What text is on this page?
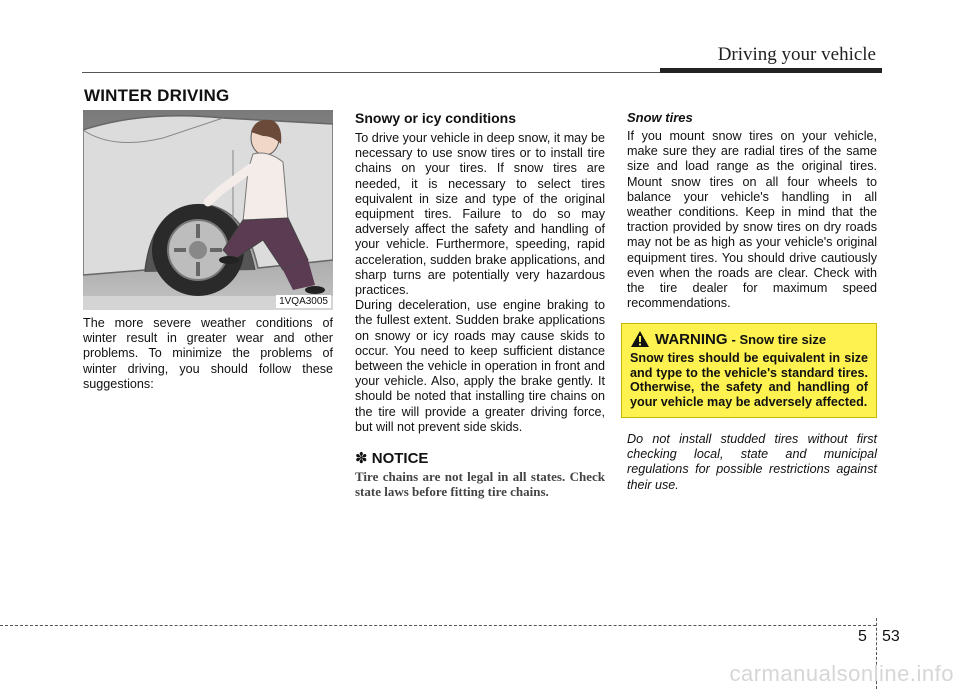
Driving your vehicle
WINTER DRIVING
1VQA3005

The more severe weather conditions of winter result in greater wear and other problems. To minimize the problems of winter driving, you should follow these suggestions:

Snowy or icy conditions

To drive your vehicle in deep snow, it may be necessary to use snow tires or to install tire chains on your tires. If snow tires are needed, it is necessary to select tires equivalent in size and type of the original equipment tires. Failure to do so may adversely affect the safety and handling of your vehicle. Furthermore, speeding, rapid acceleration, sudden brake applications, and sharp turns are potentially very hazardous practices.

During deceleration, use engine braking to the fullest extent. Sudden brake applications on snowy or icy roads may cause skids to occur. You need to keep sufficient distance between the vehicle in operation in front and your vehicle. Also, apply the brake gently. It should be noted that installing tire chains on the tire will provide a greater driving force, but will not prevent side skids.

✽ NOTICE

Tire chains are not legal in all states. Check state laws before fitting tire chains.

Snow tires

If you mount snow tires on your vehicle, make sure they are radial tires of the same size and load range as the original tires. Mount snow tires on all four wheels to balance your vehicle's handling in all weather conditions. Keep in mind that the traction provided by snow tires on dry roads may not be as high as your vehicle's original equipment tires. You should drive cautiously even when the roads are clear. Check with the tire dealer for maximum speed recommendations.

WARNING - Snow tire size

Snow tires should be equivalent in size and type to the vehicle's standard tires. Otherwise, the safety and handling of your vehicle may be adversely affected.

Do not install studded tires without first checking local, state and municipal regulations for possible restrictions against their use.

5 53
carmanualsonline.info
